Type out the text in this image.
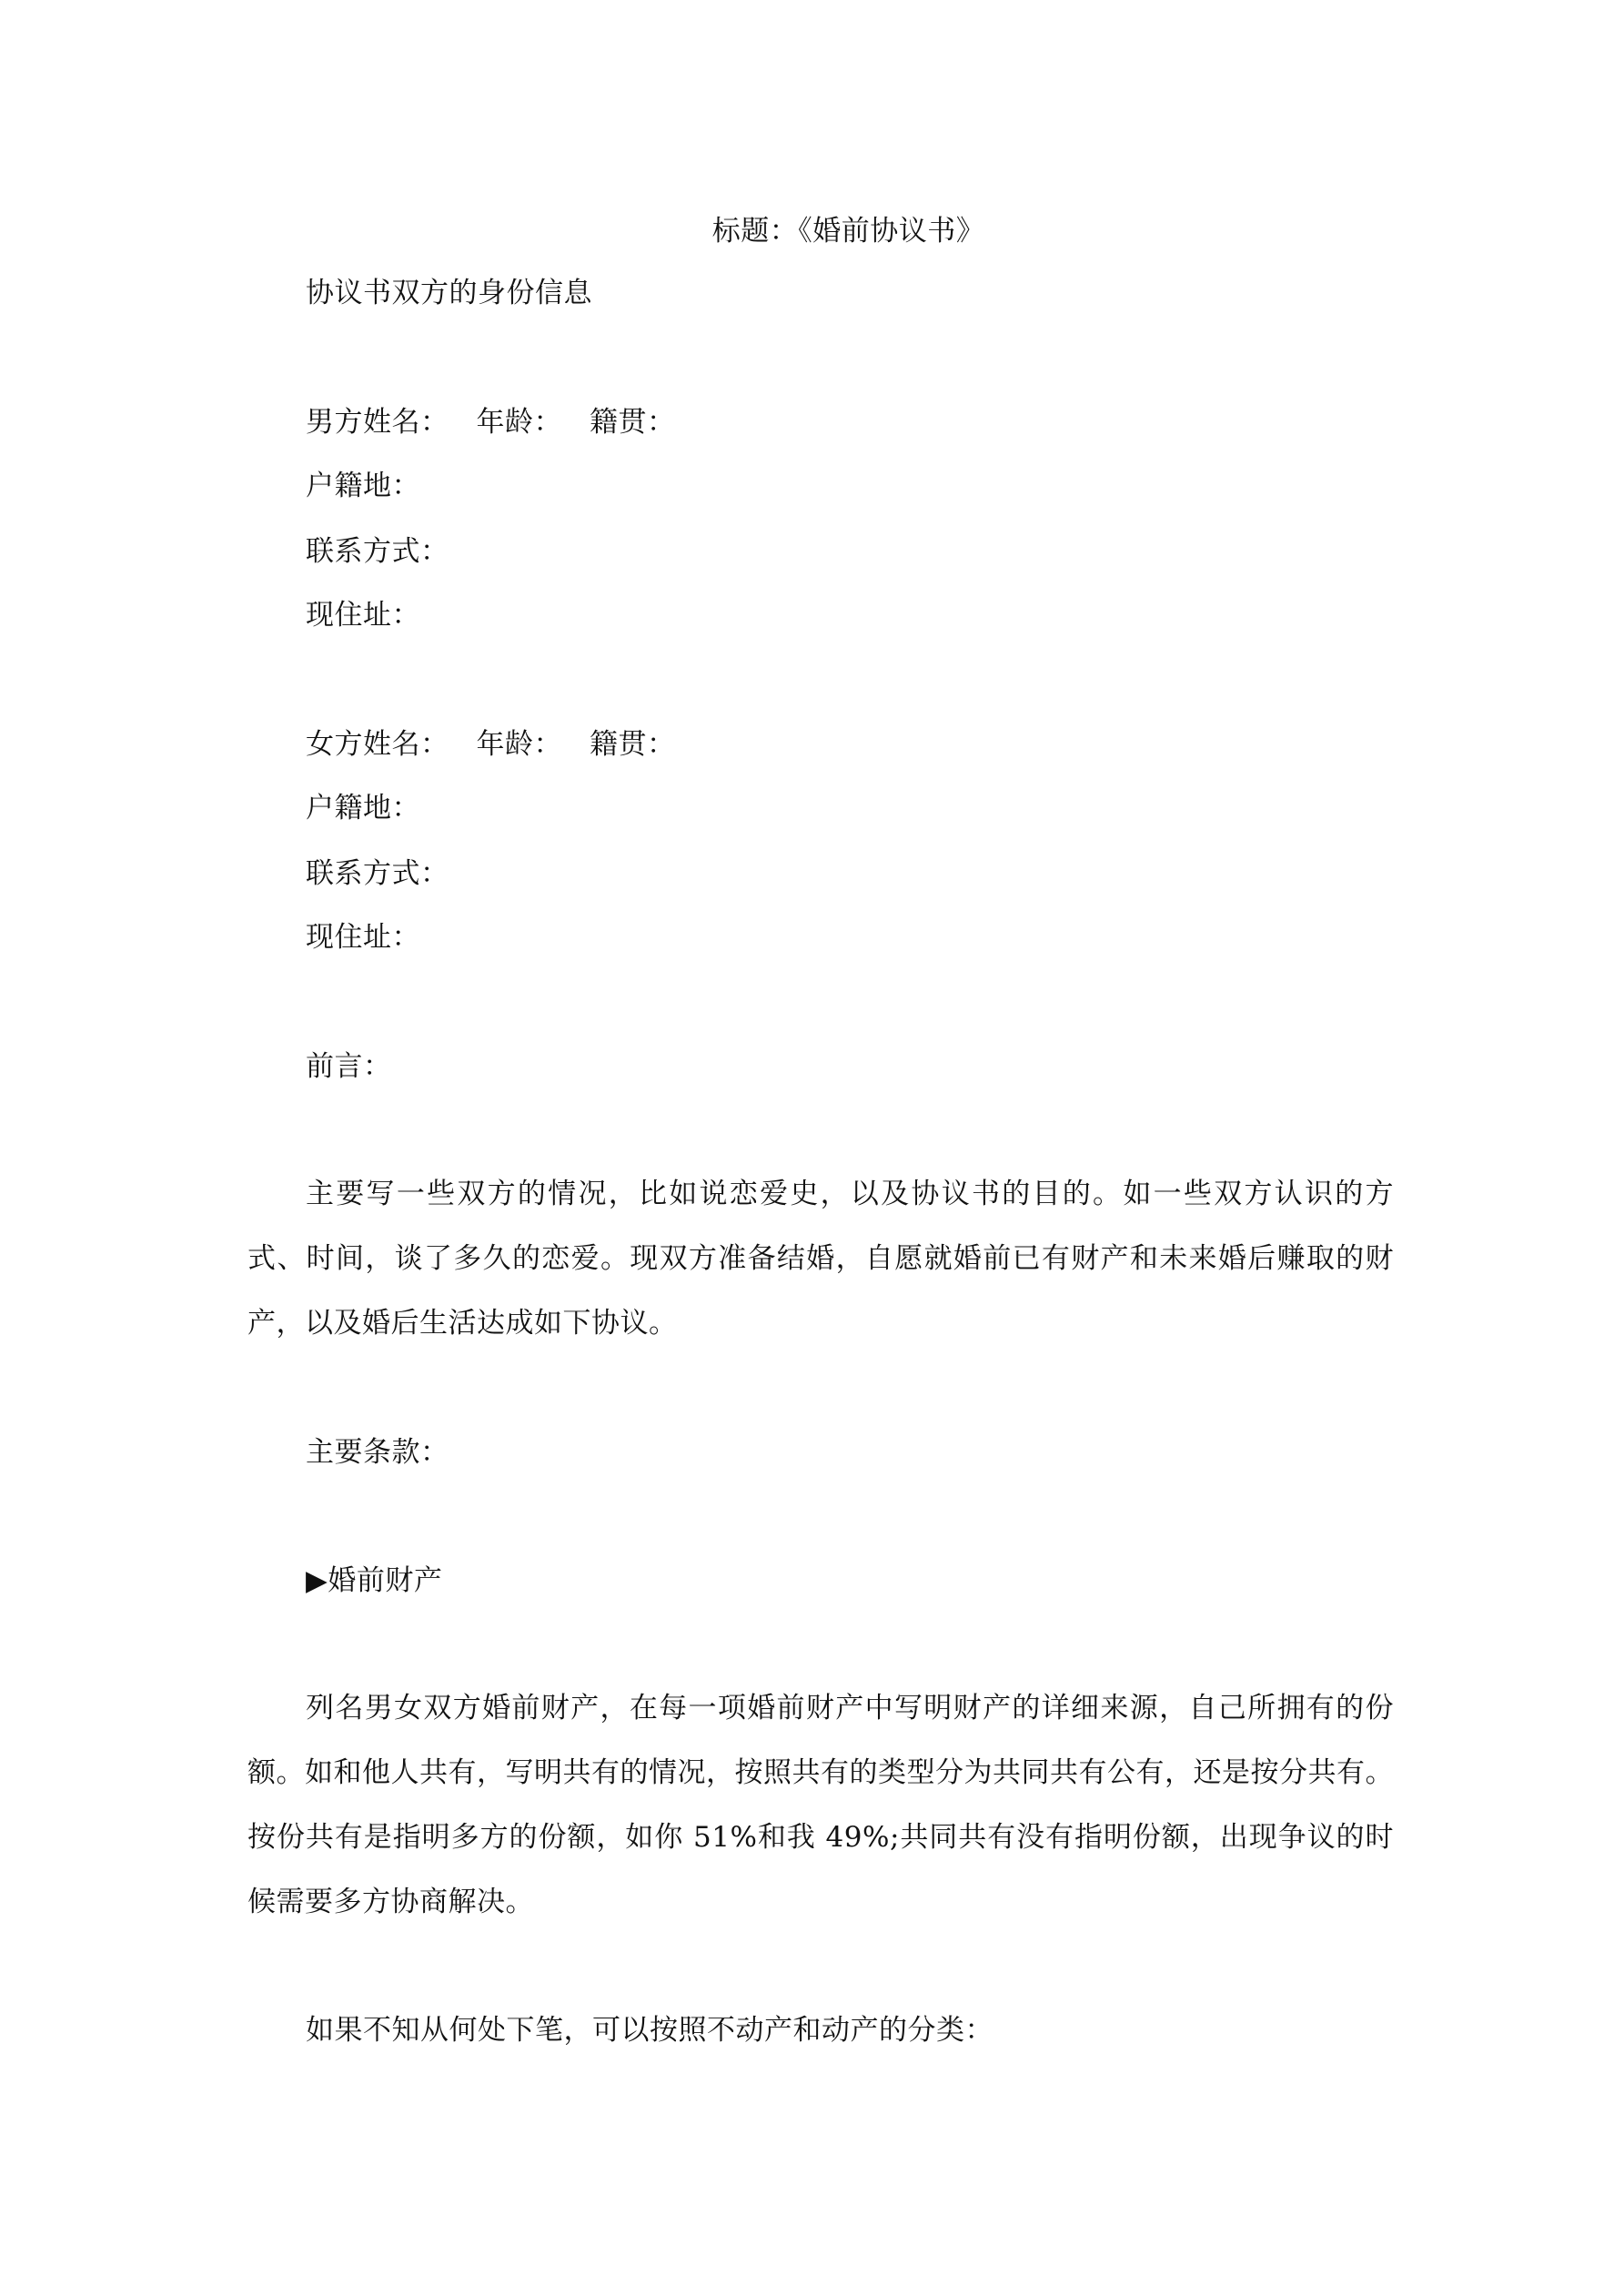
标题：《婚前协议书》
协议书双方的身份信息
男方姓名： 年龄： 籍贯：
户籍地：
联系方式：
现住址：
女方姓名： 年龄： 籍贯：
户籍地：
联系方式：
现住址：
前言：
主要写一些双方的情况，比如说恋爱史，以及协议书的目的。如一些双方认识的方式、时间，谈了多久的恋爱。现双方准备结婚，自愿就婚前已有财产和未来婚后赚取的财产，以及婚后生活达成如下协议。
主要条款：
▶婚前财产
列名男女双方婚前财产，在每一项婚前财产中写明财产的详细来源，自己所拥有的份额。如和他人共有，写明共有的情况，按照共有的类型分为共同共有公有，还是按分共有。按份共有是指明多方的份额，如你 51%和我 49%;共同共有没有指明份额，出现争议的时候需要多方协商解决。
如果不知从何处下笔，可以按照不动产和动产的分类：
